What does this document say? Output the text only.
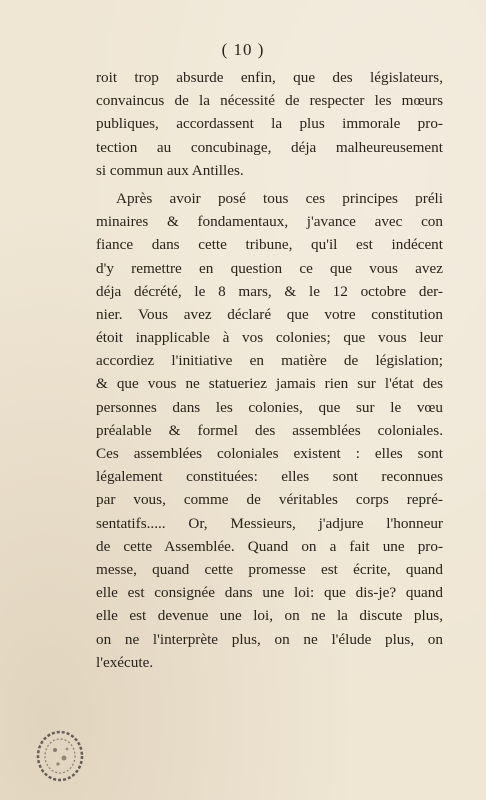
( 10 )
roit trop absurde enfin, que des législateurs,
convaincus de la nécessité de respecter les mœurs
publiques, accordassent la plus immorale pro-
tection au concubinage, déja malheureusement
si commun aux Antilles.
Après avoir posé tous ces principes préli
minaires & fondamentaux, j'avance avec con
fiance dans cette tribune, qu'il est indécent
d'y remettre en question ce que vous avez
déja décrété, le 8 mars, & le 12 octobre der-
nier. Vous avez déclaré que votre constitution
étoit inapplicable à vos colonies; que vous leur
accordiez l'initiative en matière de législation;
& que vous ne statueriez jamais rien sur l'état des
personnes dans les colonies, que sur le vœu
préalable & formel des assemblées coloniales.
Ces assemblées coloniales existent : elles sont
légalement constituées: elles sont reconnues
par vous, comme de véritables corps repré-
sentatifs..... Or, Messieurs, j'adjure l'honneur
de cette Assemblée. Quand on a fait une pro-
messe, quand cette promesse est écrite, quand
elle est consignée dans une loi: que dis-je? quand
elle est devenue une loi, on ne la discute plus,
on ne l'interprète plus, on ne l'élude plus, on
l'exécute.
